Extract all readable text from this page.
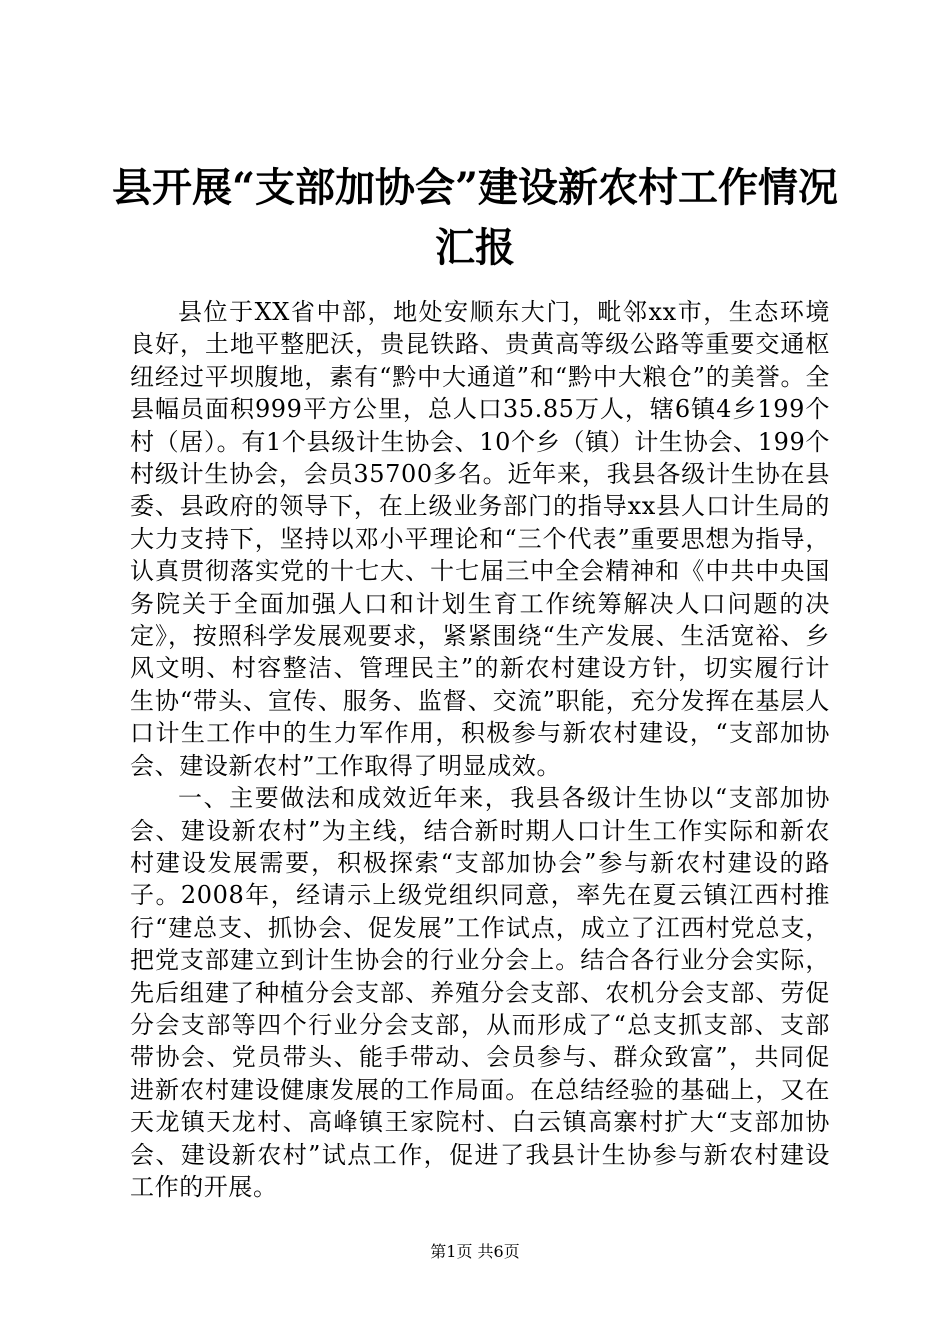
县开展“支部加协会”建设新农村工作情况汇报

县位于XX省中部，地处安顺东大门，毗邻xx市，生态环境良好，土地平整肥沃，贵昆铁路、贵黄高等级公路等重要交通枢纽经过平坝腹地，素有“黔中大通道”和“黔中大粮仓”的美誉。全县幅员面积999平方公里，总人口35.85万人，辖6镇4乡199个村（居）。有1个县级计生协会、10个乡（镇）计生协会、199个村级计生协会，会员35700多名。近年来，我县各级计生协在县委、县政府的领导下，在上级业务部门的指导xx县人口计生局的大力支持下，坚持以邓小平理论和“三个代表”重要思想为指导，认真贯彻落实党的十七大、十七届三中全会精神和《中共中央国务院关于全面加强人口和计划生育工作统筹解决人口问题的决定》，按照科学发展观要求，紧紧围绕“生产发展、生活宽裕、乡风文明、村容整洁、管理民主”的新农村建设方针，切实履行计生协“带头、宣传、服务、监督、交流”职能，充分发挥在基层人口计生工作中的生力军作用，积极参与新农村建设，“支部加协会、建设新农村”工作取得了明显成效。

一、主要做法和成效近年来，我县各级计生协以“支部加协会、建设新农村”为主线，结合新时期人口计生工作实际和新农村建设发展需要，积极探索“支部加协会”参与新农村建设的路子。2008年，经请示上级党组织同意，率先在夏云镇江西村推行“建总支、抓协会、促发展”工作试点，成立了江西村党总支，把党支部建立到计生协会的行业分会上。结合各行业分会实际，先后组建了种植分会支部、养殖分会支部、农机分会支部、劳促分会支部等四个行业分会支部，从而形成了“总支抓支部、支部带协会、党员带头、能手带动、会员参与、群众致富”，共同促进新农村建设健康发展的工作局面。在总结经验的基础上，又在天龙镇天龙村、高峰镇王家院村、白云镇高寨村扩大“支部加协会、建设新农村”试点工作，促进了我县计生协参与新农村建设工作的开展。

第1页 共6页
